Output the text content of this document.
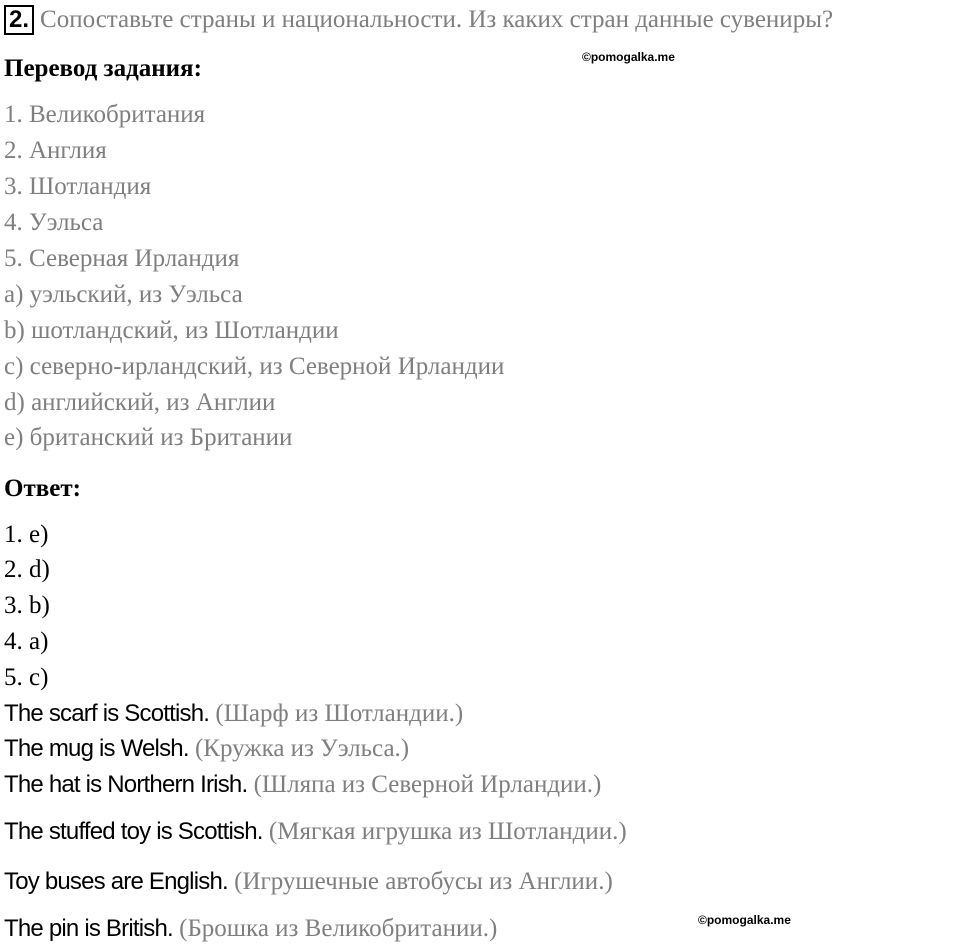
2. Сопоставьте страны и национальности. Из каких стран данные сувениры?
©pomogalka.me
Перевод задания:
1. Великобритания
2. Англия
3. Шотландия
4. Уэльса
5. Северная Ирландия
a) уэльский, из Уэльса
b) шотландский, из Шотландии
c) северно-ирландский, из Северной Ирландии
d) английский, из Англии
e) британский из Британии
Ответ:
1. e)
2. d)
3. b)
4. a)
5. c)
The scarf is Scottish. (Шарф из Шотландии.)
The mug is Welsh. (Кружка из Уэльса.)
The hat is Northern Irish. (Шляпа из Северной Ирландии.)
The stuffed toy is Scottish. (Мягкая игрушка из Шотландии.)
Toy buses are English. (Игрушечные автобусы из Англии.)
The pin is British. (Брошка из Великобритании.)	©pomogalka.me
